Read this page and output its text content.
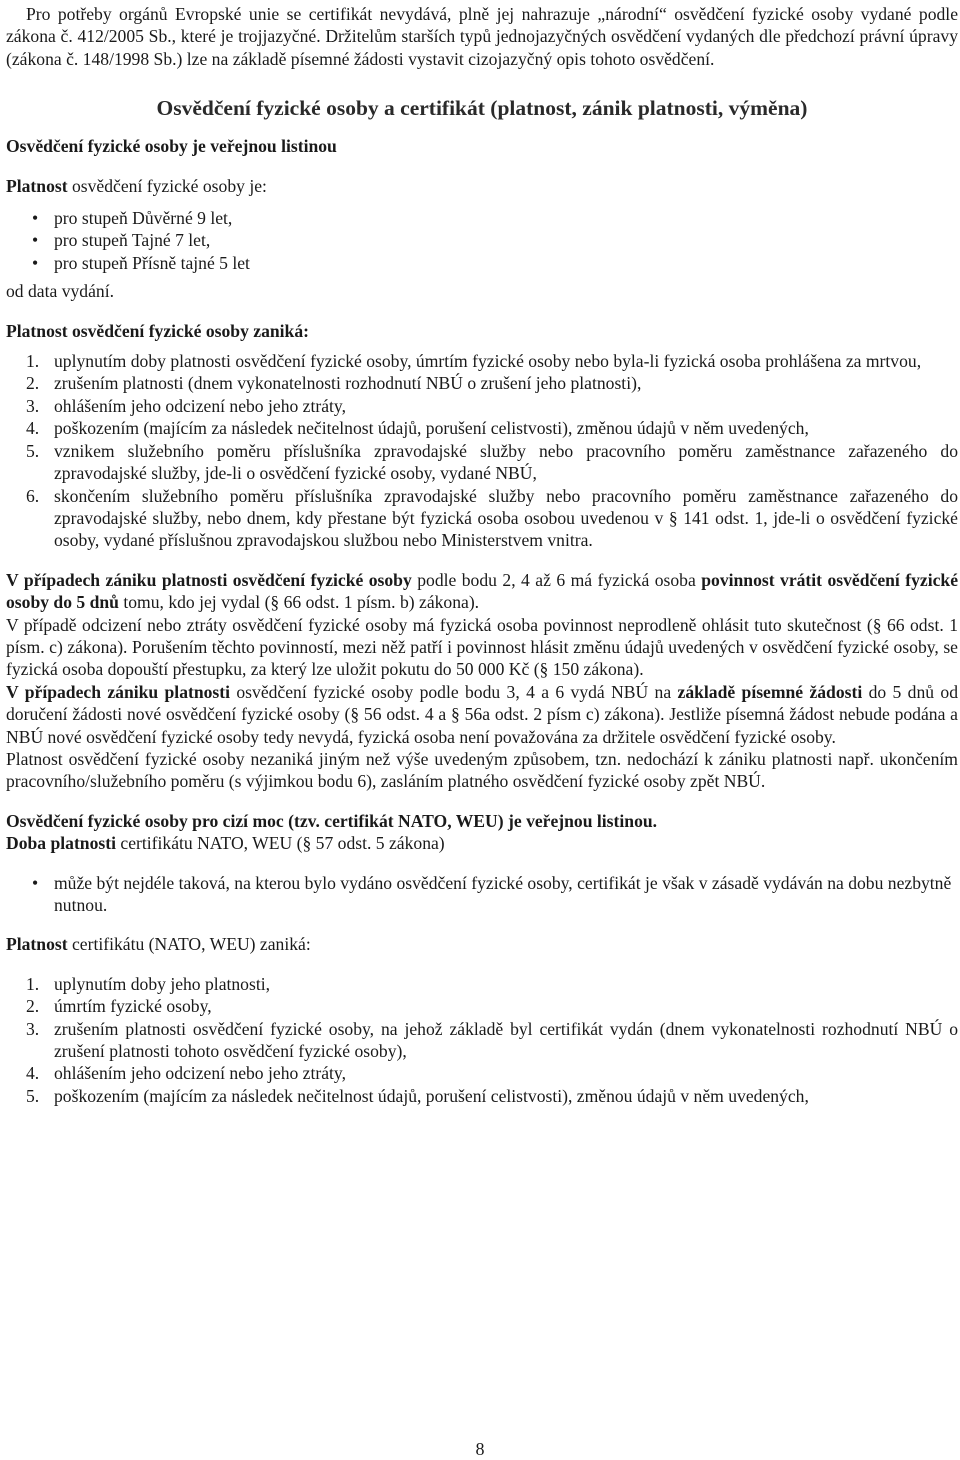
Pro potřeby orgánů Evropské unie se certifikát nevydává, plně jej nahrazuje „národní“ osvědčení fyzické osoby vydané podle zákona č. 412/2005 Sb., které je trojjazyčné. Držitelům starších typů jednojazyčných osvědčení vydaných dle předchozí právní úpravy (zákona č. 148/1998 Sb.) lze na základě písemné žádosti vystavit cizojazyčný opis tohoto osvědčení.

Osvědčení fyzické osoby a certifikát (platnost, zánik platnosti, výměna)

Osvědčení fyzické osoby je veřejnou listinou

Platnost osvědčení fyzické osoby je:

• pro stupeň Důvěrné 9 let,
• pro stupeň Tajné 7 let,
• pro stupeň Přísně tajné 5 let

od data vydání.

Platnost osvědčení fyzické osoby zaniká:

1. uplynutím doby platnosti osvědčení fyzické osoby, úmrtím fyzické osoby nebo byla-li fyzická osoba prohlášena za mrtvou,
2. zrušením platnosti (dnem vykonatelnosti rozhodnutí NBÚ o zrušení jeho platnosti),
3. ohlášením jeho odcizení nebo jeho ztráty,
4. poškozením (majícím za následek nečitelnost údajů, porušení celistvosti), změnou údajů v něm uvedených,
5. vznikem služebního poměru příslušníka zpravodajské služby nebo pracovního poměru zaměstnance zařazeného do zpravodajské služby, jde-li o osvědčení fyzické osoby, vydané NBÚ,
6. skončením služebního poměru příslušníka zpravodajské služby nebo pracovního poměru zaměstnance zařazeného do zpravodajské služby, nebo dnem, kdy přestane být fyzická osoba osobou uvedenou v § 141 odst. 1, jde-li o osvědčení fyzické osoby, vydané příslušnou zpravodajskou službou nebo Ministerstvem vnitra.

V případech zániku platnosti osvědčení fyzické osoby podle bodu 2, 4 až 6 má fyzická osoba povinnost vrátit osvědčení fyzické osoby do 5 dnů tomu, kdo jej vydal (§ 66 odst. 1 písm. b) zákona).

V případě odcizení nebo ztráty osvědčení fyzické osoby má fyzická osoba povinnost neprodleně ohlásit tuto skutečnost (§ 66 odst. 1 písm. c) zákona). Porušením těchto povinností, mezi něž patří i povinnost hlásit změnu údajů uvedených v osvědčení fyzické osoby, se fyzická osoba dopouští přestupku, za který lze uložit pokutu do 50 000 Kč (§ 150 zákona).

V případech zániku platnosti osvědčení fyzické osoby podle bodu 3, 4 a 6 vydá NBÚ na základě písemné žádosti do 5 dnů od doručení žádosti nové osvědčení fyzické osoby (§ 56 odst. 4 a § 56a odst. 2 písm c) zákona). Jestliže písemná žádost nebude podána a NBÚ nové osvědčení fyzické osoby tedy nevydá, fyzická osoba není považována za držitele osvědčení fyzické osoby.

Platnost osvědčení fyzické osoby nezaniká jiným než výše uvedeným způsobem, tzn. nedochází k zániku platnosti např. ukončením pracovního/služebního poměru (s výjimkou bodu 6), zasláním platného osvědčení fyzické osoby zpět NBÚ.

Osvědčení fyzické osoby pro cizí moc (tzv. certifikát NATO, WEU) je veřejnou listinou.

Doba platnosti certifikátu NATO, WEU (§ 57 odst. 5 zákona)

• může být nejdéle taková, na kterou bylo vydáno osvědčení fyzické osoby, certifikát je však v zásadě vydáván na dobu nezbytně nutnou.

Platnost certifikátu (NATO, WEU) zaniká:

1. uplynutím doby jeho platnosti,
2. úmrtím fyzické osoby,
3. zrušením platnosti osvědčení fyzické osoby, na jehož základě byl certifikát vydán (dnem vykonatelnosti rozhodnutí NBÚ o zrušení platnosti tohoto osvědčení fyzické osoby),
4. ohlášením jeho odcizení nebo jeho ztráty,
5. poškozením (majícím za následek nečitelnost údajů, porušení celistvosti), změnou údajů v něm uvedených,
8
